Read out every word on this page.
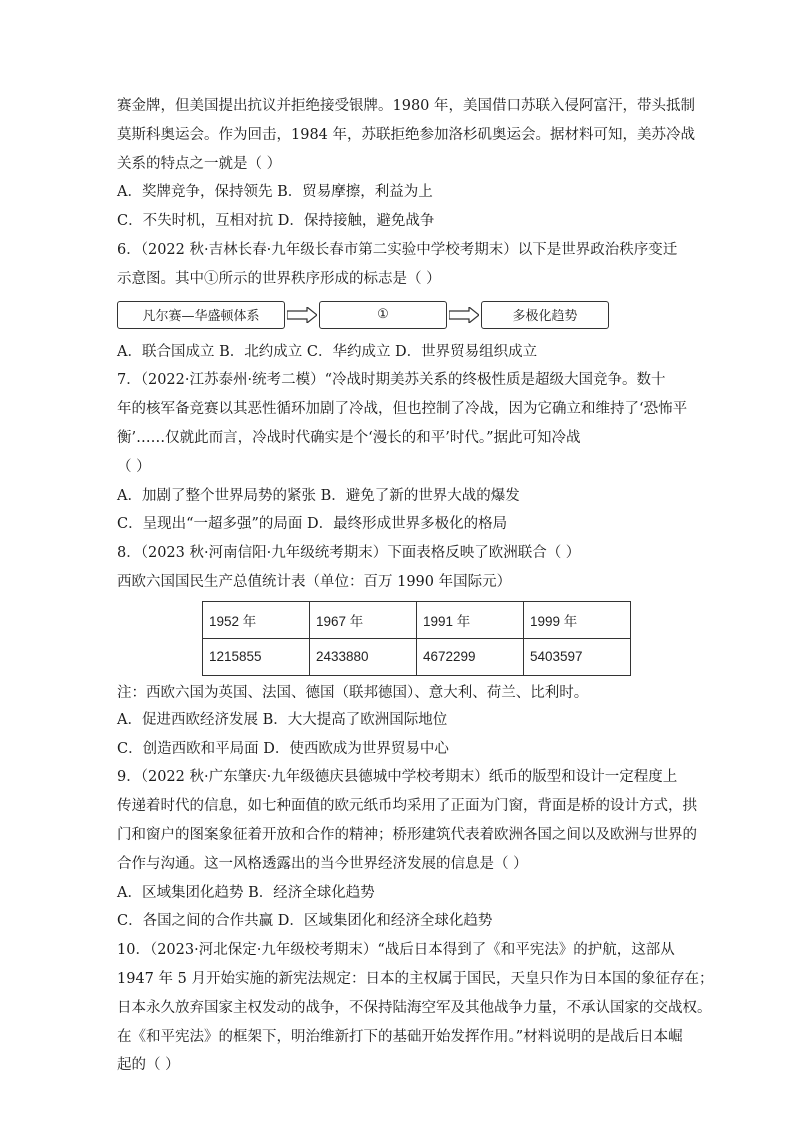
赛金牌，但美国提出抗议并拒绝接受银牌。1980 年，美国借口苏联入侵阿富汗，带头抵制
莫斯科奥运会。作为回击，1984 年，苏联拒绝参加洛杉矶奥运会。据材料可知，美苏冷战
关系的特点之一就是（ ）
A．奖牌竞争，保持领先 B．贸易摩擦，利益为上
C．不失时机，互相对抗 D．保持接触，避免战争
6．（2022 秋·吉林长春·九年级长春市第二实验中学校考期末）以下是世界政治秩序变迁
示意图。其中①所示的世界秩序形成的标志是（ ）
凡尔赛—华盛顿体系	①	多极化趋势
A．联合国成立 B．北约成立 C．华约成立 D．世界贸易组织成立
7．（2022·江苏泰州·统考二模）“冷战时期美苏关系的终极性质是超级大国竞争。数十
年的核军备竞赛以其恶性循环加剧了冷战，但也控制了冷战，因为它确立和维持了‘恐怖平
衡’……仅就此而言，冷战时代确实是个‘漫长的和平’时代。”据此可知冷战
（ ）
A．加剧了整个世界局势的紧张 B．避免了新的世界大战的爆发
C．呈现出“一超多强”的局面 D．最终形成世界多极化的格局
8．（2023 秋·河南信阳·九年级统考期末）下面表格反映了欧洲联合（ ）
西欧六国国民生产总值统计表（单位：百万 1990 年国际元）
1952 年	1967 年	1991 年	1999 年
1215855	2433880	4672299	5403597
注：西欧六国为英国、法国、德国（联邦德国）、意大利、荷兰、比利时。
A．促进西欧经济发展 B．大大提高了欧洲国际地位
C．创造西欧和平局面 D．使西欧成为世界贸易中心
9．（2022 秋·广东肇庆·九年级德庆县德城中学校考期末）纸币的版型和设计一定程度上
传递着时代的信息，如七种面值的欧元纸币均采用了正面为门窗，背面是桥的设计方式，拱
门和窗户的图案象征着开放和合作的精神；桥形建筑代表着欧洲各国之间以及欧洲与世界的
合作与沟通。这一风格透露出的当今世界经济发展的信息是（ ）
A．区域集团化趋势 B．经济全球化趋势
C．各国之间的合作共赢 D．区域集团化和经济全球化趋势
10．（2023·河北保定·九年级校考期末）“战后日本得到了《和平宪法》的护航，这部从
1947 年 5 月开始实施的新宪法规定：日本的主权属于国民，天皇只作为日本国的象征存在；
日本永久放弃国家主权发动的战争，不保持陆海空军及其他战争力量，不承认国家的交战权。
在《和平宪法》的框架下，明治维新打下的基础开始发挥作用。”材料说明的是战后日本崛
起的（ ）
